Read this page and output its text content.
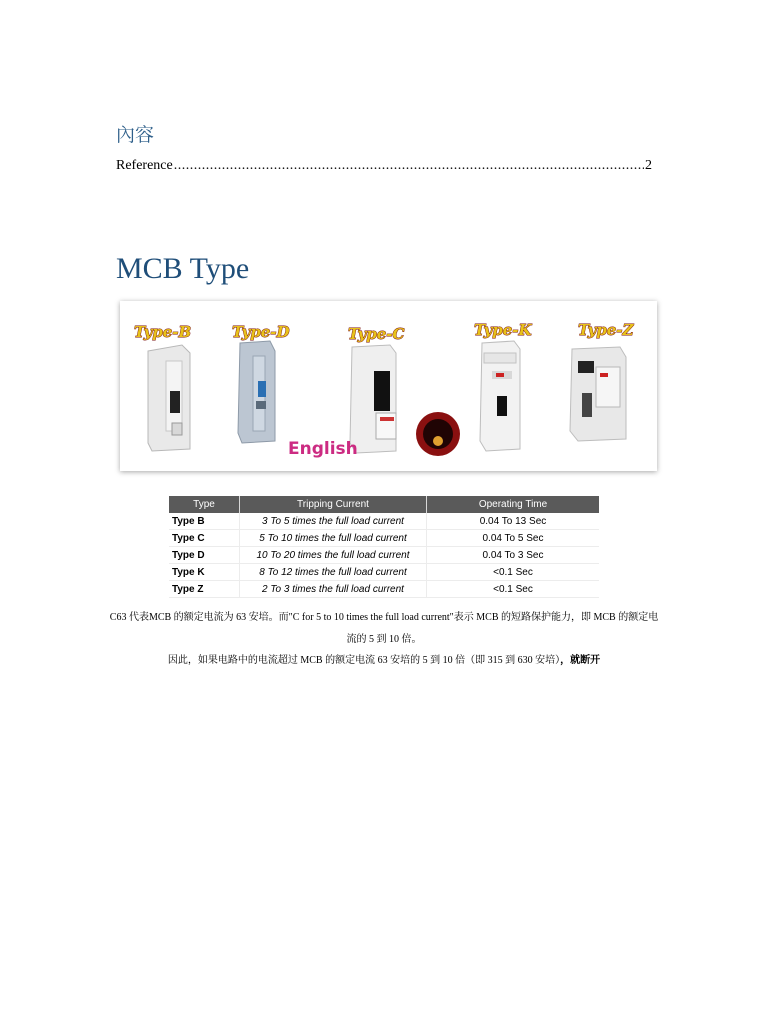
內容
Reference .....	2
MCB Type
Type-B	Type-D	Type-C	Type-K	Type-Z
English
Type	Tripping Current	Operating Time
Type B	3 To 5 times the full load current	0.04 To 13 Sec
Type C	5 To 10 times the full load current	0.04 To 5 Sec
Type D	10 To 20 times the full load current	0.04 To 3 Sec
Type K	8 To 12 times the full load current	<0.1 Sec
Type Z	2 To 3 times the full load current	<0.1 Sec
C63 代表MCB 的额定电流为 63 安培。而"C for 5 to 10 times the full load current"表示 MCB 的短路保护能力，即 MCB 的额定电流的 5 到 10 倍。
因此，如果电路中的电流超过 MCB 的额定电流 63 安培的 5 到 10 倍（即 315 到 630 安培），就断开
